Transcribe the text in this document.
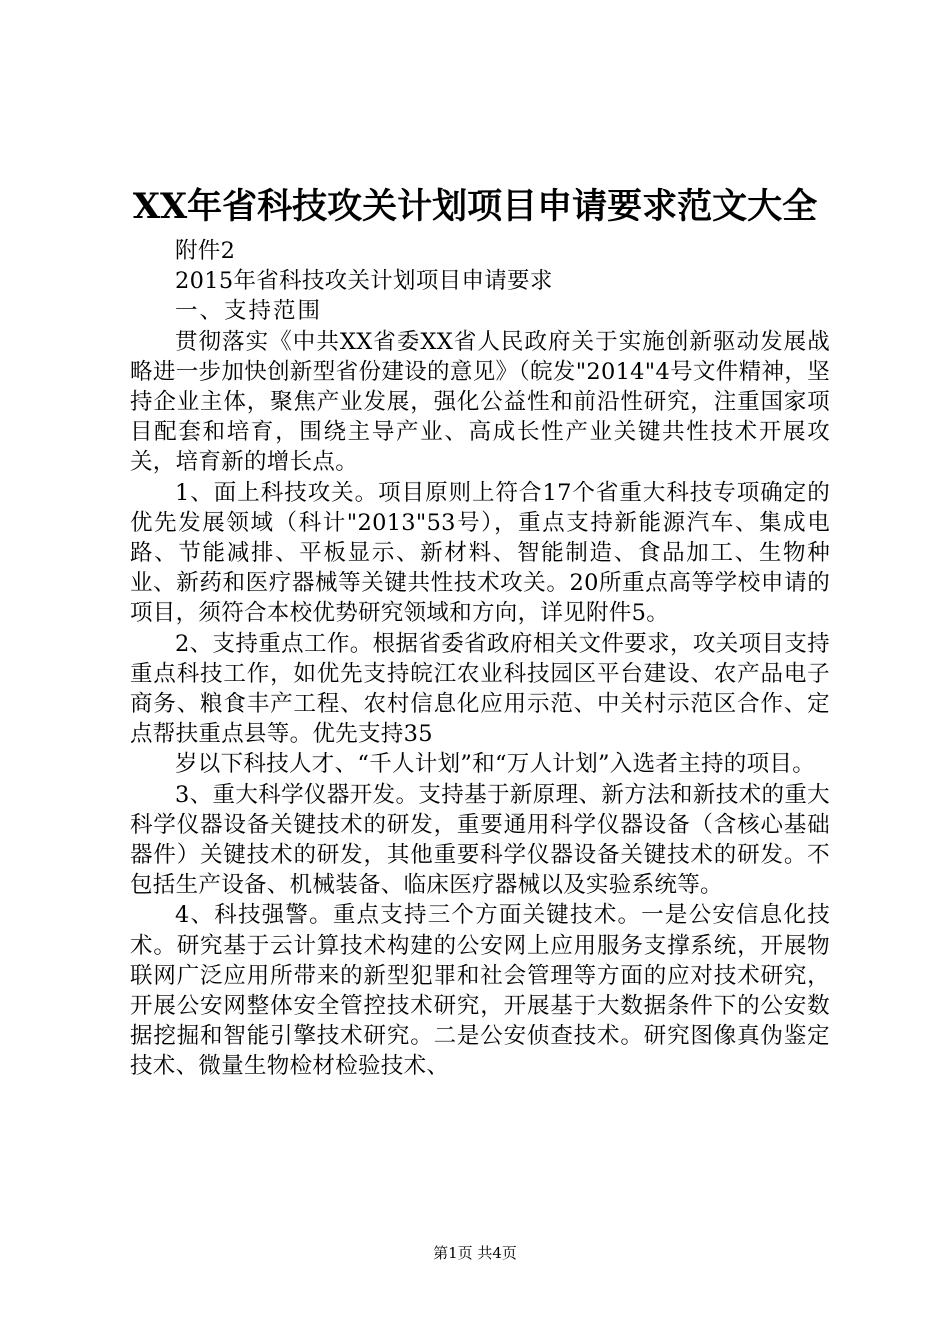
XX年省科技攻关计划项目申请要求范文大全

附件2

2015年省科技攻关计划项目申请要求

一、支持范围

贯彻落实《中共XX省委XX省人民政府关于实施创新驱动发展战略进一步加快创新型省份建设的意见》（皖发"2014"4号文件精神，坚持企业主体，聚焦产业发展，强化公益性和前沿性研究，注重国家项目配套和培育，围绕主导产业、高成长性产业关键共性技术开展攻关，培育新的增长点。

1、面上科技攻关。项目原则上符合17个省重大科技专项确定的优先发展领域（科计"2013"53号），重点支持新能源汽车、集成电路、节能减排、平板显示、新材料、智能制造、食品加工、生物种业、新药和医疗器械等关键共性技术攻关。20所重点高等学校申请的项目，须符合本校优势研究领域和方向，详见附件5。

2、支持重点工作。根据省委省政府相关文件要求，攻关项目支持重点科技工作，如优先支持皖江农业科技园区平台建设、农产品电子商务、粮食丰产工程、农村信息化应用示范、中关村示范区合作、定点帮扶重点县等。优先支持35

岁以下科技人才、“千人计划”和“万人计划”入选者主持的项目。

3、重大科学仪器开发。支持基于新原理、新方法和新技术的重大科学仪器设备关键技术的研发，重要通用科学仪器设备（含核心基础器件）关键技术的研发，其他重要科学仪器设备关键技术的研发。不包括生产设备、机械装备、临床医疗器械以及实验系统等。

4、科技强警。重点支持三个方面关键技术。一是公安信息化技术。研究基于云计算技术构建的公安网上应用服务支撑系统，开展物联网广泛应用所带来的新型犯罪和社会管理等方面的应对技术研究，开展公安网整体安全管控技术研究，开展基于大数据条件下的公安数据挖掘和智能引擎技术研究。二是公安侦查技术。研究图像真伪鉴定技术、微量生物检材检验技术、

第1页 共4页
